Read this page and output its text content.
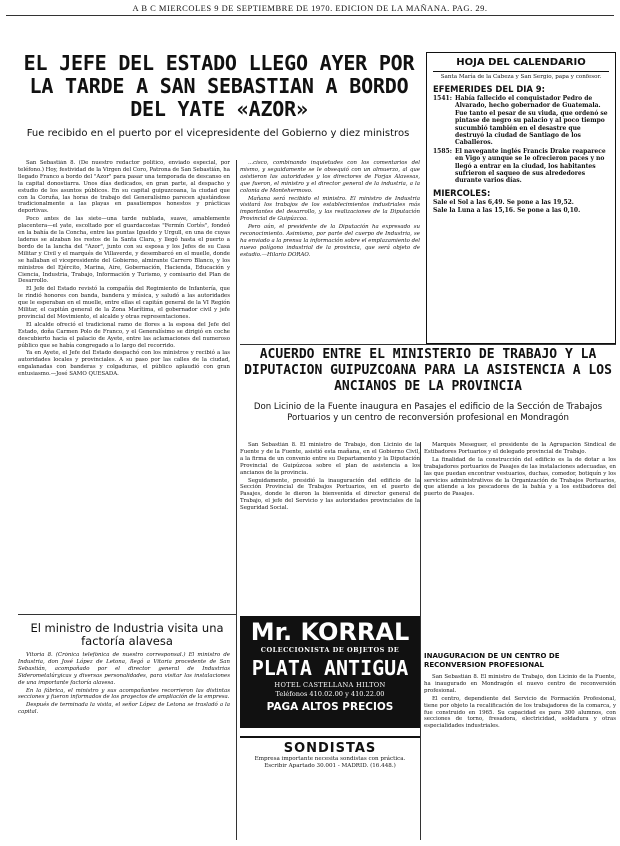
A B C MIERCOLES 9 DE SEPTIEMBRE DE 1970. EDICION DE LA MAÑANA. PAG. 29.
EL JEFE DEL ESTADO LLEGO AYER POR LA TARDE A SAN SEBASTIAN A BORDO DEL YATE «AZOR»
Fue recibido en el puerto por el vicepresidente del Gobierno y diez ministros

San Sebastián 8. (De nuestro redactor político, enviado especial, por teléfono.) Hoy, festividad de la Virgen del Coro, Patrona de San Sebastián, ha llegado Franco a bordo del "Azor" para pasar una temporada de descanso en la capital donostiarra. Unos días dedicados, en gran parte, al despacho y estudio de los asuntos públicos. En su capital guipuzcoana, la ciudad que con la Coruña, las horas de trabajo del Generalísimo parecen ajustándose tradicionalmente a las playas en pasatiempos honestos y prácticas deportivas.

Poco antes de las siete—una tarde nublada, suave, amablemente placentera—el yate, escoltado por el guardacostas "Fermín Cortés", fondeó en la bahía de la Concha, entre las puntas Igueldo y Urgull, en una de cuyas laderas se alzaban los restos de la Santa Clara, y llegó hasta el puerto a bordo de la lancha del "Azor", junto con su esposa y los Jefes de su Casa Militar y Civil y el marqués de Villaverde, y desembarcó en el muelle, donde se hallaban el vicepresidente del Gobierno, almirante Carrero Blanco, y los ministros del Ejército, Marina, Aire, Gobernación, Hacienda, Educación y Ciencia, Industria, Trabajo, Información y Turismo, y comisario del Plan de Desarrollo.

El Jefe del Estado revistó la compañía del Regimiento de Infantería, que le rindió honores con banda, bandera y música, y saludó a las autoridades que le esperaban en el muelle, entre ellas el capitán general de la VI Región Militar, el capitán general de la Zona Marítima, el gobernador civil y jefe provincial del Movimiento, el alcalde y otras representaciones.

El alcalde ofreció el tradicional ramo de flores a la esposa del Jefe del Estado, doña Carmen Polo de Franco, y el Generalísimo se dirigió en coche descubierto hacia el palacio de Ayete, entre las aclamaciones del numeroso público que se había congregado a lo largo del recorrido.

Ya en Ayete, el Jefe del Estado despachó con los ministros y recibió a las autoridades locales y provinciales. A su paso por las calles de la ciudad, engalanadas con banderas y colgaduras, el público aplaudió con gran entusiasmo.—José SAMO QUESADA.

...cisco, combinando inquietudes con los comentarios del mismo, y seguidamente se le obsequió con un almuerzo, al que asistieron las autoridades y los directores de Forjas Alavesas, que fueron, el ministro y el director general de la industria, a la colonia de Montehermoso.

Mañana será recibido el ministro. El ministro de Industria visitará los trabajos de los establecimientos industriales más importantes del desarrollo, y las realizaciones de la Diputación Provincial de Guipúzcoa.

Pero aún, el presidente de la Diputación ha expresado su reconocimiento. Asimismo, por parte del cuerpo de Industria, se ha enviado a la prensa la información sobre el emplazamiento del nuevo polígono industrial de la provincia, que será objeto de estudio.—Hilario DORAO.

HOJA DEL CALENDARIO
Santa María de la Cabeza y San Sergio, papa y confesor.
EFEMERIDES DEL DIA 9:
1541: Había fallecido el conquistador Pedro de Alvarado, hecho gobernador de Guatemala. Fue tanto el pesar de su viuda, que ordenó se pintase de negro su palacio y al poco tiempo sucumbió también en el desastre que destruyó la ciudad de Santiago de los Caballeros.
1585: El navegante inglés Francis Drake reaparece en Vigo y aunque se le ofrecieron paces y no llegó a entrar en la ciudad, los habitantes sufrieron el saqueo de sus alrededores durante varios días.
MIERCOLES:
Sale el Sol a las 6,49. Se pone a las 19,52.
Sale la Luna a las 15,16. Se pone a las 0,10.
ACUERDO ENTRE EL MINISTERIO DE TRABAJO Y LA DIPUTACION GUIPUZCOANA PARA LA ASISTENCIA A LOS ANCIANOS DE LA PROVINCIA
Don Licinio de la Fuente inaugura en Pasajes el edificio de la Sección de Trabajos Portuarios y un centro de reconversión profesional en Mondragón

San Sebastián 8. El ministro de Trabajo, don Licinio de la Fuente y de la Fuente, asistió esta mañana, en el Gobierno Civil, a la firma de un convenio entre su Departamento y la Diputación Provincial de Guipúzcoa sobre el plan de asistencia a los ancianos de la provincia.

Seguidamente, presidió la inauguración del edificio de la Sección Provincial de Trabajos Portuarios, en el puerto de Pasajes, donde le dieron la bienvenida el director general de Trabajo, el jefe del Servicio y las autoridades provinciales de la Seguridad Social.

Marqués Meseguer, el presidente de la Agrupación Sindical de Estibadores Portuarios y el delegado provincial de Trabajo.

La finalidad de la construcción del edificio es la de dotar a los trabajadores portuarios de Pasajes de las instalaciones adecuadas, en las que puedan encontrar vestuarios, duchas, comedor, botiquín y los servicios administrativos de la Organización de Trabajos Portuarios, que atiende a los pescadores de la bahía y a los estibadores del puerto de Pasajes.

El ministro de Industria visita una factoría alavesa

Vitoria 8. (Crónica telefónica de nuestro corresponsal.) El ministro de Industria, don José López de Letona, llegó a Vitoria procedente de San Sebastián, acompañado por el director general de Industrias Siderometalúrgicas y diversas personalidades, para visitar las instalaciones de una importante factoría alavesa.

En la fábrica, el ministro y sus acompañantes recorrieron las distintas secciones y fueron informados de los proyectos de ampliación de la empresa.

Después de terminada la visita, el señor López de Letona se trasladó a la capital.

Mr. KORRAL
COLECCIONISTA DE OBJETOS DE
PLATA ANTIGUA
HOTEL CASTELLANA HILTON
Teléfonos 410.02.00 y 410.22.00
PAGA ALTOS PRECIOS
SONDISTAS
Empresa importante necesita sondistas con práctica. Escribir Apartado 30.001 - MADRID. (16.448.)
INAUGURACION DE UN CENTRO DE RECONVERSION PROFESIONAL

San Sebastián 8. El ministro de Trabajo, don Licinio de la Fuente, ha inaugurado en Mondragón el nuevo centro de reconversión profesional.

El centro, dependiente del Servicio de Formación Profesional, tiene por objeto la recalificación de los trabajadores de la comarca, y fue construido en 1965. Su capacidad es para 300 alumnos, con secciones de torno, fresadora, electricidad, soldadura y otras especialidades industriales.
